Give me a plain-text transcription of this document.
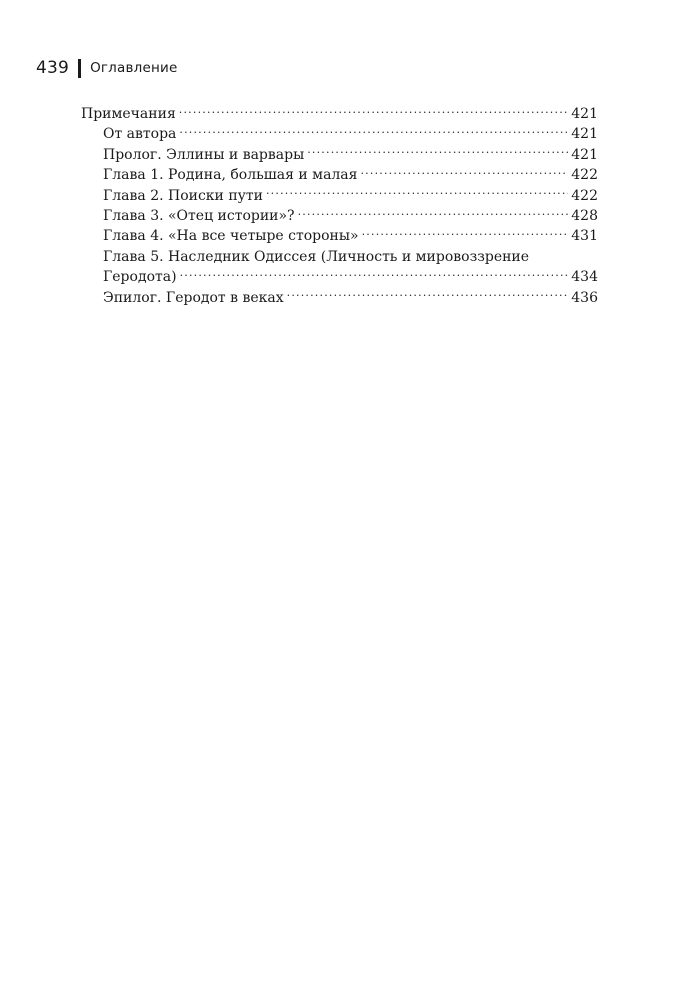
439 Оглавление
Примечания .....	421
От автора .....	421
Пролог. Эллины и варвары .....	421
Глава 1. Родина, большая и малая .....	422
Глава 2. Поиски пути .....	422
Глава 3. «Отец истории»? .....	428
Глава 4. «На все четыре стороны» .....	431
Глава 5. Наследник Одиссея (Личность и мировоззрение
Геродота) .....	434
Эпилог. Геродот в веках .....	436
